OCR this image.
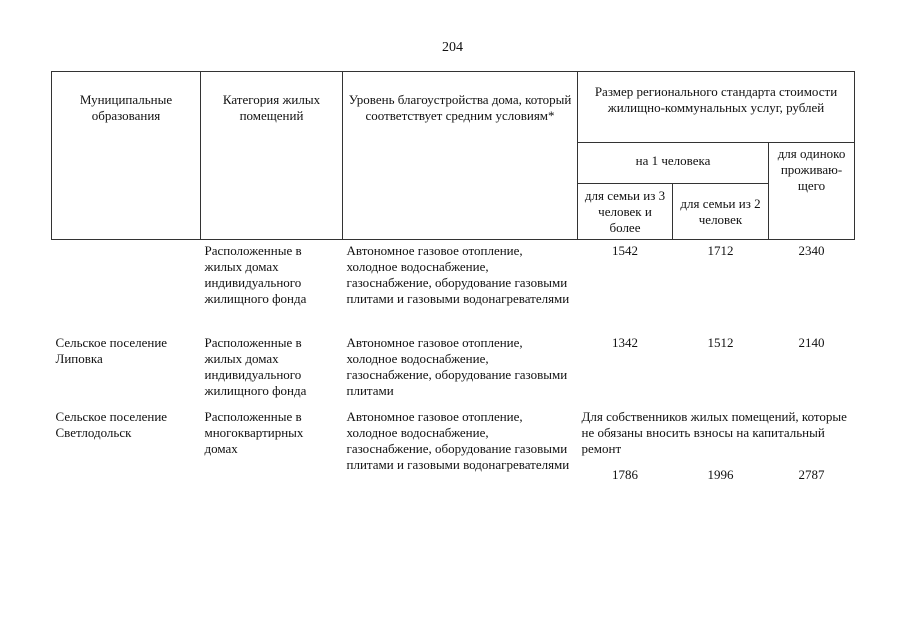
204
Муниципальные образования	Категория жилых помещений	Уровень благоустройства дома, который соответствует средним условиям*	Размер регионального стандарта стоимости жилищно-коммунальных услуг, рублей		
			на 1 человека		для одиноко проживаю-щего
			для семьи из 3 человек и более	для семьи из 2 человек	
	Расположенные в жилых домах индивидуального жилищного фонда	Автономное газовое отопление, холодное водоснабжение, газоснабжение, оборудование газовыми плитами и газовыми водонагревателями	1542	1712	2340
Сельское поселение Липовка	Расположенные в жилых домах индивидуального жилищного фонда	Автономное газовое отопление, холодное водоснабжение, газоснабжение, оборудование газовыми плитами	1342	1512	2140
Сельское поселение Светлодольск	Расположенные в многоквартирных домах	Автономное газовое отопление, холодное водоснабжение, газоснабжение, оборудование газовыми плитами и газовыми водонагревателями	Для собственников жилых помещений, которые не обязаны вносить взносы на капитальный ремонт		
			1786	1996	2787
